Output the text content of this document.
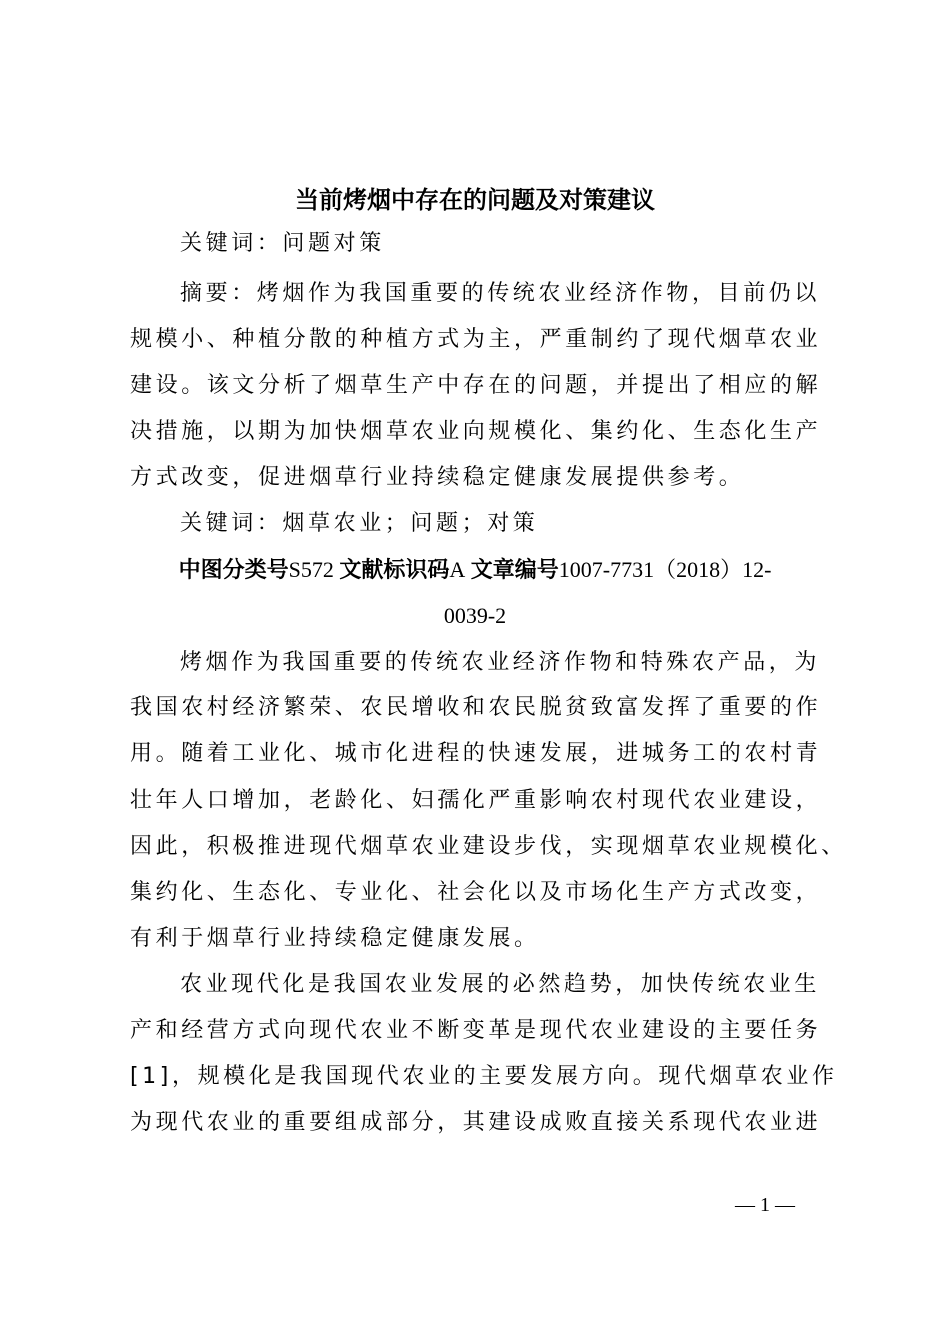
当前烤烟中存在的问题及对策建议
关键词：问题对策
摘要：烤烟作为我国重要的传统农业经济作物，目前仍以
规模小、种植分散的种植方式为主，严重制约了现代烟草农业
建设。该文分析了烟草生产中存在的问题，并提出了相应的解
决措施，以期为加快烟草农业向规模化、集约化、生态化生产
方式改变，促进烟草行业持续稳定健康发展提供参考。
关键词：烟草农业；问题；对策
中图分类号S572 文献标识码A 文章编号1007-7731（2018）12-
0039-2
烤烟作为我国重要的传统农业经济作物和特殊农产品，为
我国农村经济繁荣、农民增收和农民脱贫致富发挥了重要的作
用。随着工业化、城市化进程的快速发展，进城务工的农村青
壮年人口增加，老龄化、妇孺化严重影响农村现代农业建设，
因此，积极推进现代烟草农业建设步伐，实现烟草农业规模化、
集约化、生态化、专业化、社会化以及市场化生产方式改变，
有利于烟草行业持续稳定健康发展。
农业现代化是我国农业发展的必然趋势，加快传统农业生
产和经营方式向现代农业不断变革是现代农业建设的主要任务
[1]，规模化是我国现代农业的主要发展方向。现代烟草农业作
为现代农业的重要组成部分，其建设成败直接关系现代农业进
— 1 —
